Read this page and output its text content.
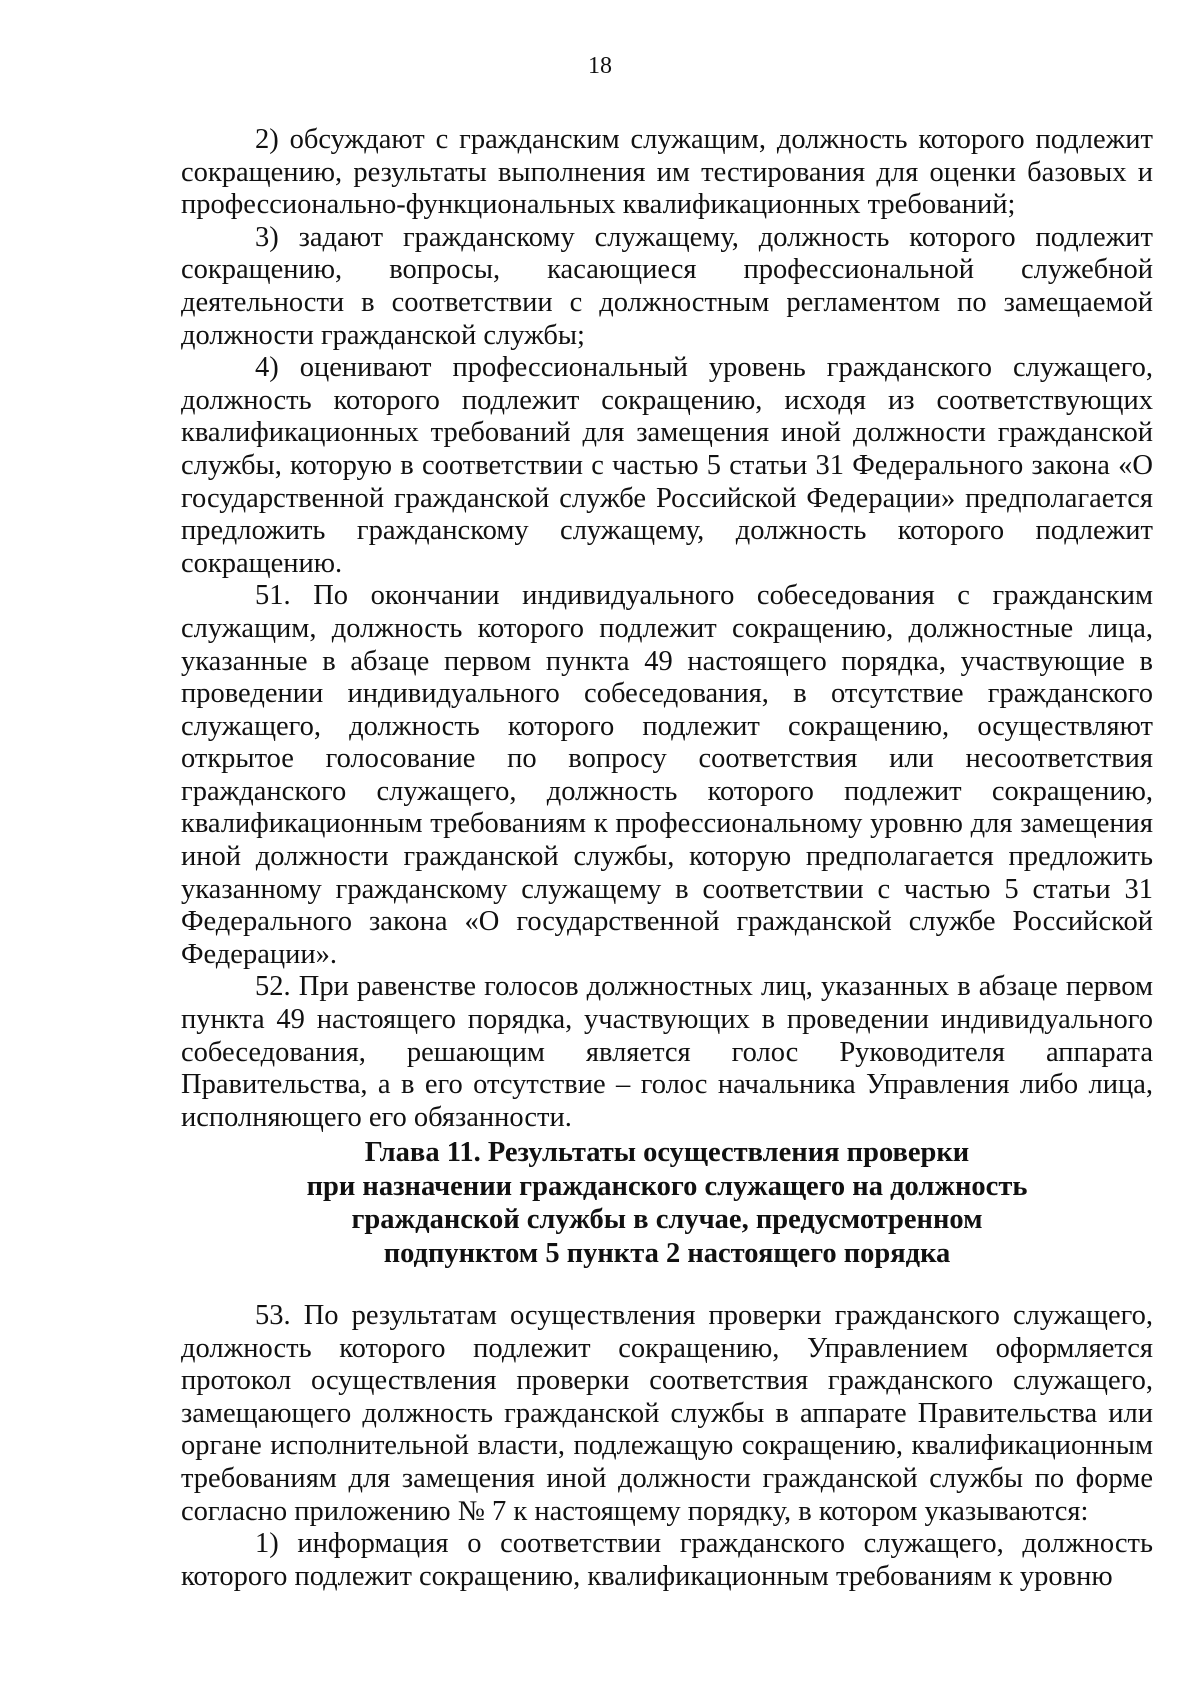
18

2) обсуждают с гражданским служащим, должность которого подлежит сокращению, результаты выполнения им тестирования для оценки базовых и профессионально-функциональных квалификационных требований;

3) задают гражданскому служащему, должность которого подлежит сокращению, вопросы, касающиеся профессиональной служебной деятельности в соответствии с должностным регламентом по замещаемой должности гражданской службы;

4) оценивают профессиональный уровень гражданского служащего, должность которого подлежит сокращению, исходя из соответствующих квалификационных требований для замещения иной должности гражданской службы, которую в соответствии с частью 5 статьи 31 Федерального закона «О государственной гражданской службе Российской Федерации» предполагается предложить гражданскому служащему, должность которого подлежит сокращению.

51. По окончании индивидуального собеседования с гражданским служащим, должность которого подлежит сокращению, должностные лица, указанные в абзаце первом пункта 49 настоящего порядка, участвующие в проведении индивидуального собеседования, в отсутствие гражданского служащего, должность которого подлежит сокращению, осуществляют открытое голосование по вопросу соответствия или несоответствия гражданского служащего, должность которого подлежит сокращению, квалификационным требованиям к профессиональному уровню для замещения иной должности гражданской службы, которую предполагается предложить указанному гражданскому служащему в соответствии с частью 5 статьи 31 Федерального закона «О государственной гражданской службе Российской Федерации».

52. При равенстве голосов должностных лиц, указанных в абзаце первом пункта 49 настоящего порядка, участвующих в проведении индивидуального собеседования, решающим является голос Руководителя аппарата Правительства, а в его отсутствие – голос начальника Управления либо лица, исполняющего его обязанности.

Глава 11. Результаты осуществления проверки
при назначении гражданского служащего на должность
гражданской службы в случае, предусмотренном
подпунктом 5 пункта 2 настоящего порядка

53. По результатам осуществления проверки гражданского служащего, должность которого подлежит сокращению, Управлением оформляется протокол осуществления проверки соответствия гражданского служащего, замещающего должность гражданской службы в аппарате Правительства или органе исполнительной власти, подлежащую сокращению, квалификационным требованиям для замещения иной должности гражданской службы по форме согласно приложению № 7 к настоящему порядку, в котором указываются:

1) информация о соответствии гражданского служащего, должность которого подлежит сокращению, квалификационным требованиям к уровню
